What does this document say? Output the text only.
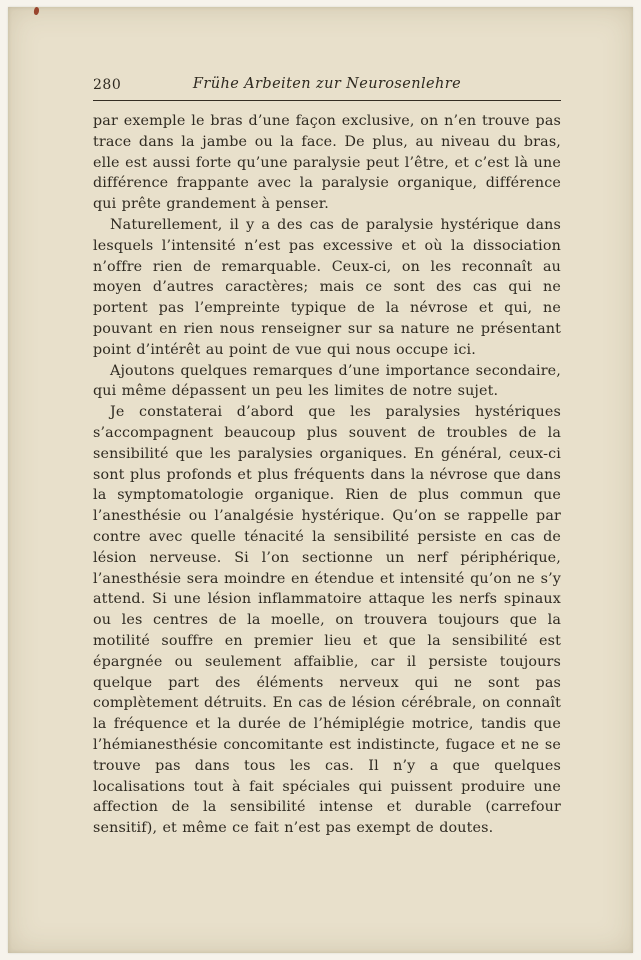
280	Frühe Arbeiten zur Neurosenlehre

par exemple le bras d’une façon exclusive, on n’en trouve pas trace dans la jambe ou la face. De plus, au niveau du bras, elle est aussi forte qu’une paralysie peut l’être, et c’est là une différence frappante avec la paralysie organique, différence qui prête grandement à penser.

Naturellement, il y a des cas de paralysie hystérique dans lesquels l’intensité n’est pas excessive et où la dissociation n’offre rien de remarquable. Ceux-ci, on les reconnaît au moyen d’autres caractères; mais ce sont des cas qui ne portent pas l’empreinte typique de la névrose et qui, ne pouvant en rien nous renseigner sur sa nature ne présentant point d’intérêt au point de vue qui nous occupe ici.

Ajoutons quelques remarques d’une importance secondaire, qui même dépassent un peu les limites de notre sujet.

Je constaterai d’abord que les paralysies hystériques s’accompagnent beaucoup plus souvent de troubles de la sensibilité que les paralysies organiques. En général, ceux-ci sont plus profonds et plus fréquents dans la névrose que dans la symptomatologie organique. Rien de plus commun que l’anesthésie ou l’analgésie hystérique. Qu’on se rappelle par contre avec quelle ténacité la sensibilité persiste en cas de lésion nerveuse. Si l’on sectionne un nerf périphérique, l’anesthésie sera moindre en étendue et intensité qu’on ne s’y attend. Si une lésion inflammatoire attaque les nerfs spinaux ou les centres de la moelle, on trouvera toujours que la motilité souffre en premier lieu et que la sensibilité est épargnée ou seulement affaiblie, car il persiste toujours quelque part des éléments nerveux qui ne sont pas complètement détruits. En cas de lésion cérébrale, on connaît la fréquence et la durée de l’hémiplégie motrice, tandis que l’hémianesthésie concomitante est indistincte, fugace et ne se trouve pas dans tous les cas. Il n’y a que quelques localisations tout à fait spéciales qui puissent produire une affection de la sensibilité intense et durable (carrefour sensitif), et même ce fait n’est pas exempt de doutes.
